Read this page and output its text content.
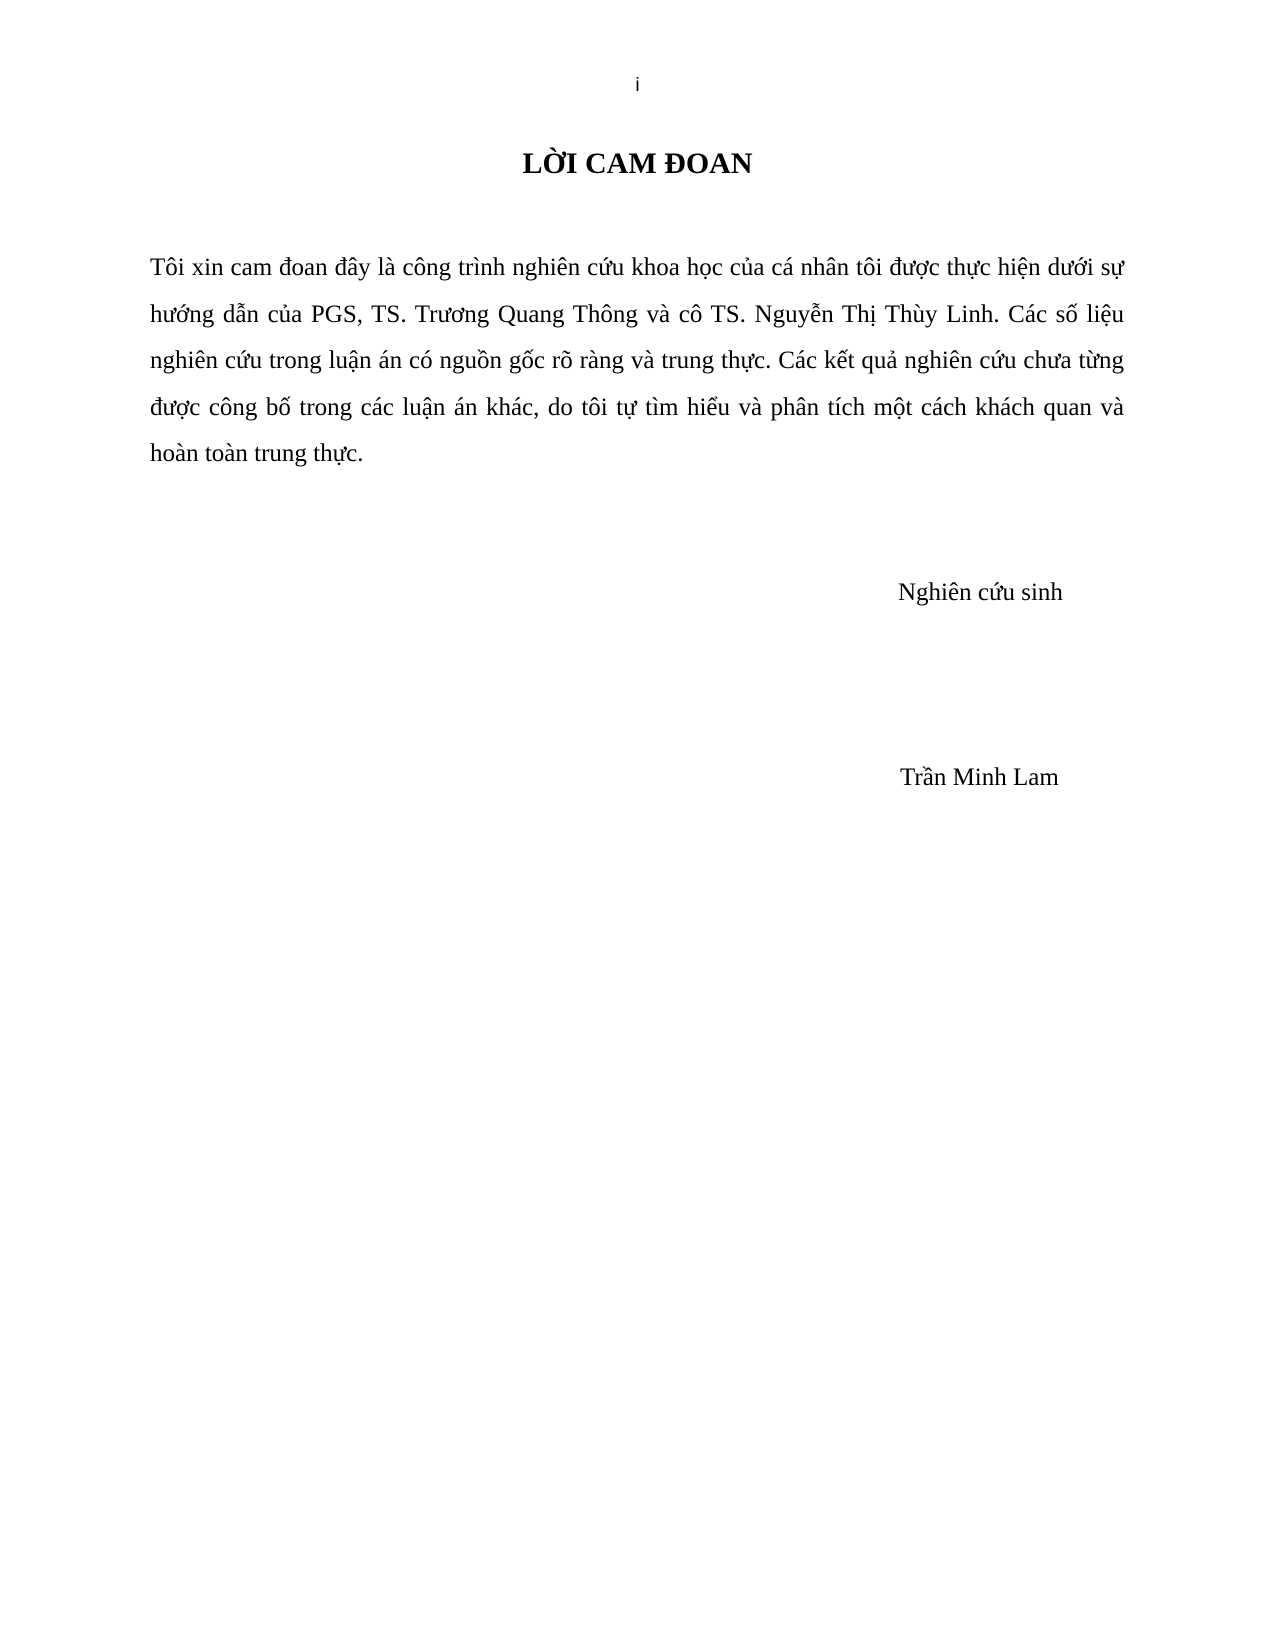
i
LỜI CAM ĐOAN

Tôi xin cam đoan đây là công trình nghiên cứu khoa học của cá nhân tôi được thực hiện dưới sự hướng dẫn của PGS, TS. Trương Quang Thông và cô TS. Nguyễn Thị Thùy Linh. Các số liệu nghiên cứu trong luận án có nguồn gốc rõ ràng và trung thực. Các kết quả nghiên cứu chưa từng được công bố trong các luận án khác, do tôi tự tìm hiểu và phân tích một cách khách quan và hoàn toàn trung thực.

Nghiên cứu sinh
Trần Minh Lam
